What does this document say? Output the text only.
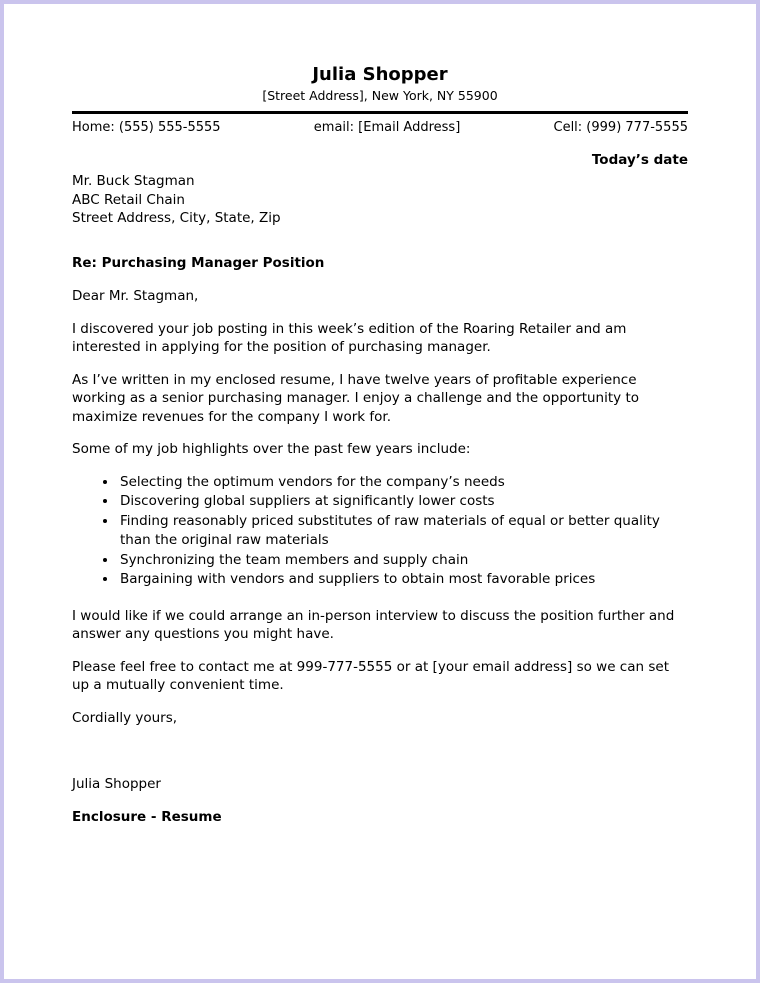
Julia Shopper
[Street Address], New York, NY 55900
Home: (555) 555-5555	email: [Email Address]	Cell: (999) 777-5555
Today’s date
Mr. Buck Stagman
ABC Retail Chain
Street Address, City, State, Zip
Re: Purchasing Manager Position
Dear Mr. Stagman,

I discovered your job posting in this week’s edition of the Roaring Retailer and am interested in applying for the position of purchasing manager.

As I’ve written in my enclosed resume, I have twelve years of profitable experience working as a senior purchasing manager. I enjoy a challenge and the opportunity to maximize revenues for the company I work for.

Some of my job highlights over the past few years include:

• Selecting the optimum vendors for the company’s needs
• Discovering global suppliers at significantly lower costs
• Finding reasonably priced substitutes of raw materials of equal or better quality than the original raw materials
• Synchronizing the team members and supply chain
• Bargaining with vendors and suppliers to obtain most favorable prices

I would like if we could arrange an in-person interview to discuss the position further and answer any questions you might have.

Please feel free to contact me at 999-777-5555 or at [your email address] so we can set up a mutually convenient time.

Cordially yours,
Julia Shopper
Enclosure - Resume
